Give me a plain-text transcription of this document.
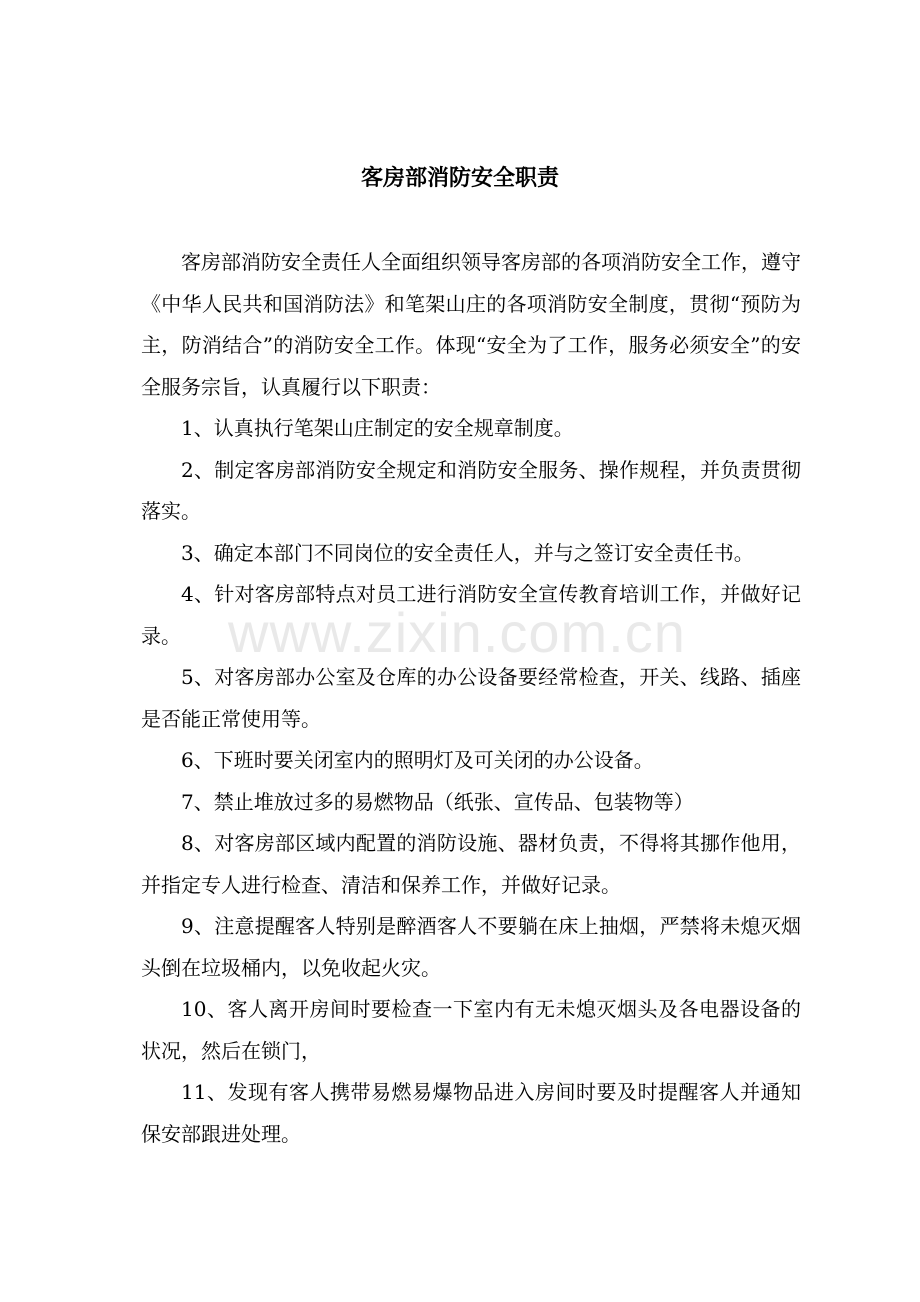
客房部消防安全职责

客房部消防安全责任人全面组织领导客房部的各项消防安全工作，遵守《中华人民共和国消防法》和笔架山庄的各项消防安全制度，贯彻“预防为主，防消结合”的消防安全工作。体现“安全为了工作，服务必须安全”的安全服务宗旨，认真履行以下职责：

1、认真执行笔架山庄制定的安全规章制度。

2、制定客房部消防安全规定和消防安全服务、操作规程，并负责贯彻落实。

3、确定本部门不同岗位的安全责任人，并与之签订安全责任书。

4、针对客房部特点对员工进行消防安全宣传教育培训工作，并做好记录。

5、对客房部办公室及仓库的办公设备要经常检查，开关、线路、插座是否能正常使用等。

6、下班时要关闭室内的照明灯及可关闭的办公设备。

7、禁止堆放过多的易燃物品（纸张、宣传品、包装物等）

8、对客房部区域内配置的消防设施、器材负责，不得将其挪作他用，并指定专人进行检查、清洁和保养工作，并做好记录。

9、注意提醒客人特别是醉酒客人不要躺在床上抽烟，严禁将未熄灭烟头倒在垃圾桶内，以免收起火灾。

10、客人离开房间时要检查一下室内有无未熄灭烟头及各电器设备的状况，然后在锁门，

11、发现有客人携带易燃易爆物品进入房间时要及时提醒客人并通知保安部跟进处理。

www.zixin.com.cn
